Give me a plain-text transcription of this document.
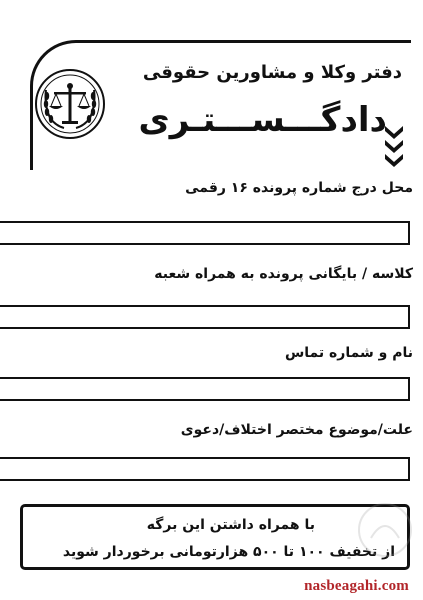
دفتر وکلا و مشاورین حقوقی
دادگـــســـتـری
محل درج شماره پرونده ۱۶ رقمی
کلاسه / بایگانی پرونده به همراه شعبه
نام و شماره تماس
علت/موضوع مختصر اختلاف/دعوی
با همراه داشتن این برگه
از تخفیف ۱۰۰ تا ۵۰۰ هزارتومانی برخوردار شوید
nasbeagahi.com
